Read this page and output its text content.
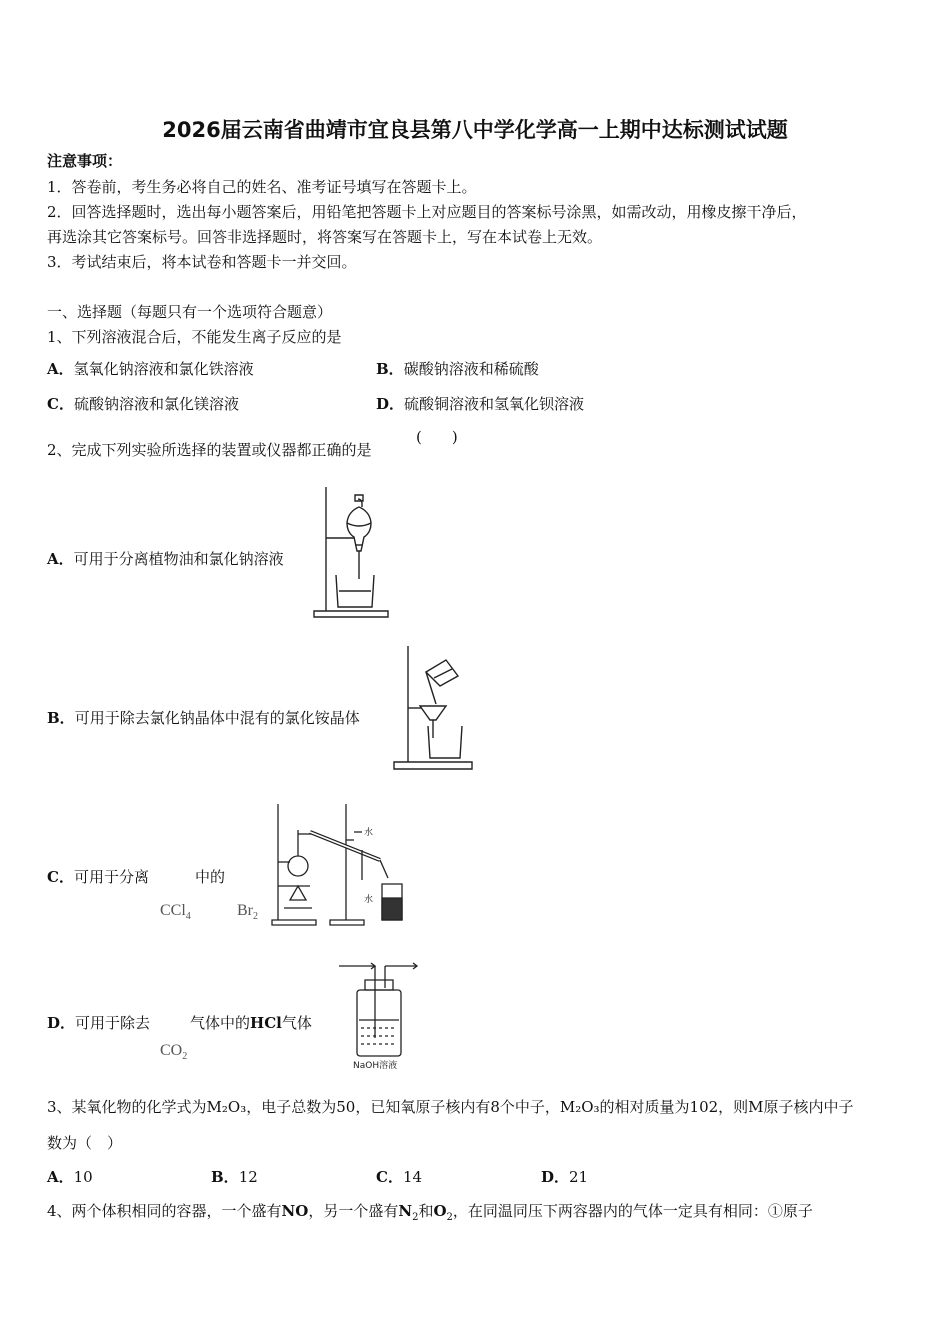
2026届云南省曲靖市宜良县第八中学化学高一上期中达标测试试题
注意事项：
1．答卷前，考生务必将自己的姓名、准考证号填写在答题卡上。
2．回答选择题时，选出每小题答案后，用铅笔把答题卡上对应题目的答案标号涂黑，如需改动，用橡皮擦干净后，
再选涂其它答案标号。回答非选择题时，将答案写在答题卡上，写在本试卷上无效。
3．考试结束后，将本试卷和答题卡一并交回。
一、选择题（每题只有一个选项符合题意）
1、下列溶液混合后，不能发生离子反应的是
A．氢氧化钠溶液和氯化铁溶液	B．碳酸钠溶液和稀硫酸
C．硫酸钠溶液和氯化镁溶液	D．硫酸铜溶液和氢氧化钡溶液
2、完成下列实验所选择的装置或仪器都正确的是
(　　)
A．可用于分离植物油和氯化钠溶液
B．可用于除去氯化钠晶体中混有的氯化铵晶体
C．可用于分离	中的
CCl$_4$	$Br_2$
水
水
D．可用于除去	气体中的HCl气体
$CO_2$
NaOH溶液
3、某氧化物的化学式为M₂O₃，电子总数为50，已知氧原子核内有8个中子，M₂O₃的相对质量为102，则M原子核内中子
数为（　）
A．10	B．12	C．14	D．21
4、两个体积相同的容器，一个盛有NO，另一个盛有$N_2$和$O_2$，在同温同压下两容器内的气体一定具有相同：①原子
